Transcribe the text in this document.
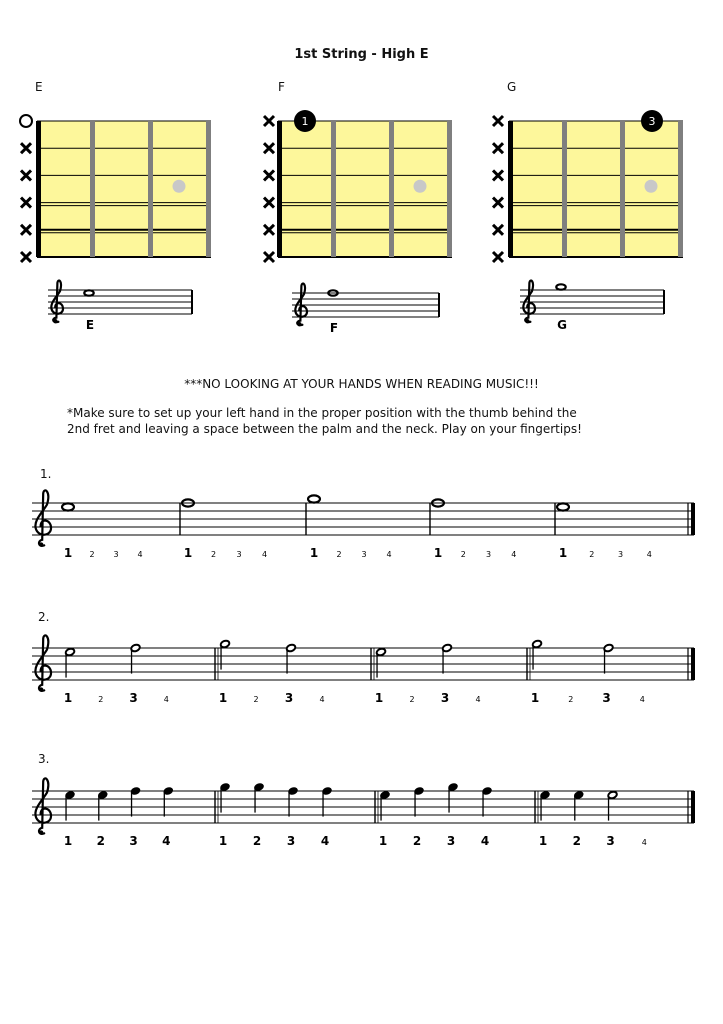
1st String - High E
E	F	G
***NO LOOKING AT YOUR HANDS WHEN READING MUSIC!!!
*Make sure to set up your left hand in the proper position with the thumb behind the
2nd fret and leaving a space between the palm and the neck. Play on your fingertips!
1.
2.
3.
1	3
E	F	G
1 2 3 4	1 2	3	4	1 2 3 4	1 2	3	4	1	2	3	4
1	2 3	4	1	2 3	4	1	2 3	4	1	2 3	4
1 2 3 4	1 2 3 4	1 2 3 4	1 2 3	4
